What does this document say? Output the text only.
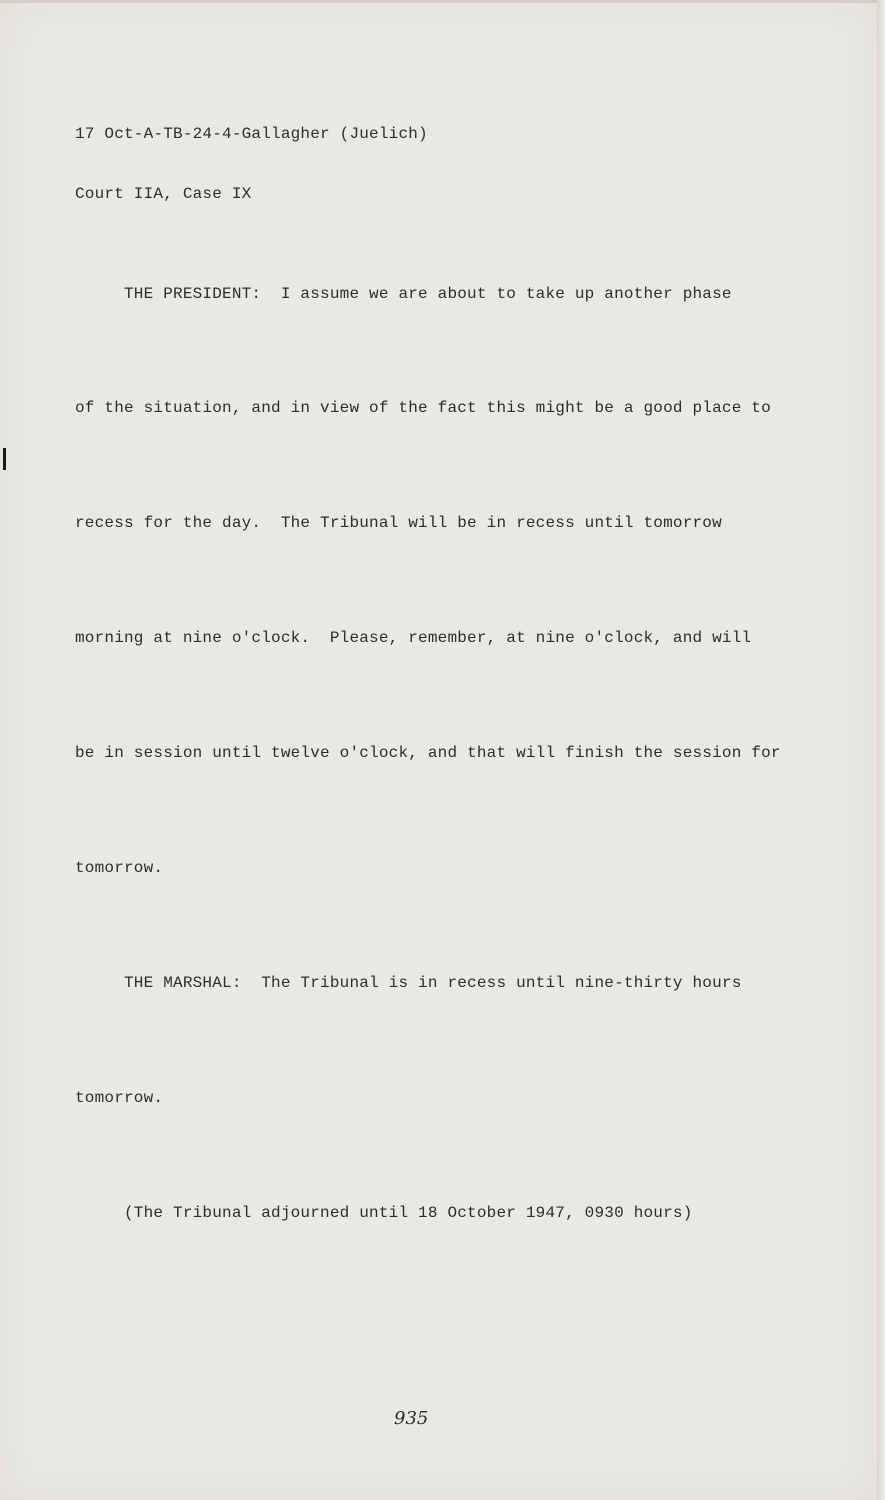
17 Oct-A-TB-24-4-Gallagher (Juelich)

Court IIA, Case IX

THE PRESIDENT:  I assume we are about to take up another phase

of the situation, and in view of the fact this might be a good place to

recess for the day.  The Tribunal will be in recess until tomorrow

morning at nine o'clock.  Please, remember, at nine o'clock, and will

be in session until twelve o'clock, and that will finish the session for

tomorrow.

THE MARSHAL:  The Tribunal is in recess until nine-thirty hours

tomorrow.

(The Tribunal adjourned until 18 October 1947, 0930 hours)

935
